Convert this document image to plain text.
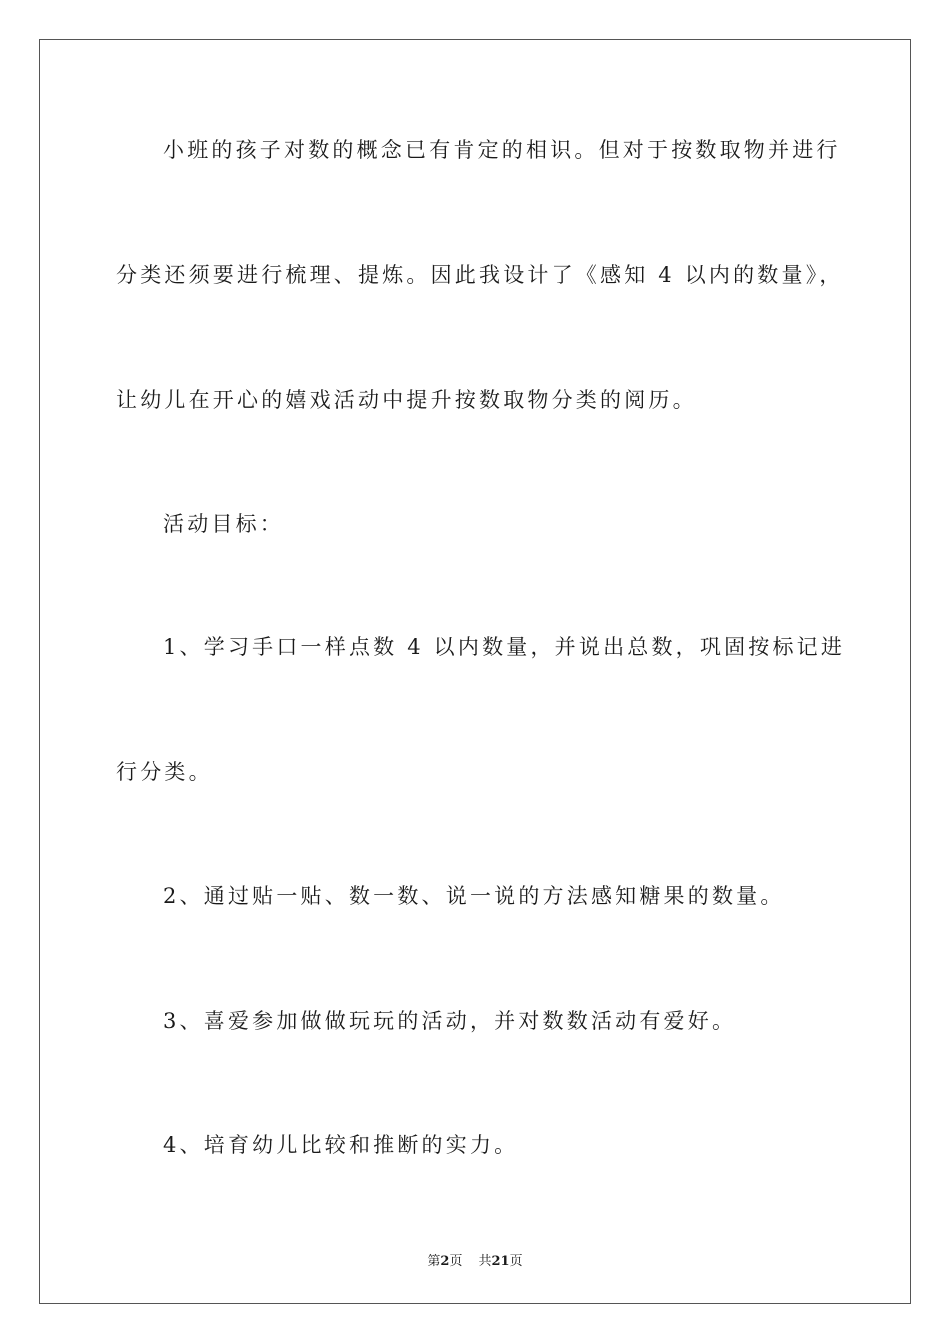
小班的孩子对数的概念已有肯定的相识。但对于按数取物并进行
分类还须要进行梳理、提炼。因此我设计了《感知 4 以内的数量》，
让幼儿在开心的嬉戏活动中提升按数取物分类的阅历。
活动目标：
1、学习手口一样点数 4 以内数量，并说出总数，巩固按标记进
行分类。
2、通过贴一贴、数一数、说一说的方法感知糖果的数量。
3、喜爱参加做做玩玩的活动，并对数数活动有爱好。
4、培育幼儿比较和推断的实力。
第2页 共21页
